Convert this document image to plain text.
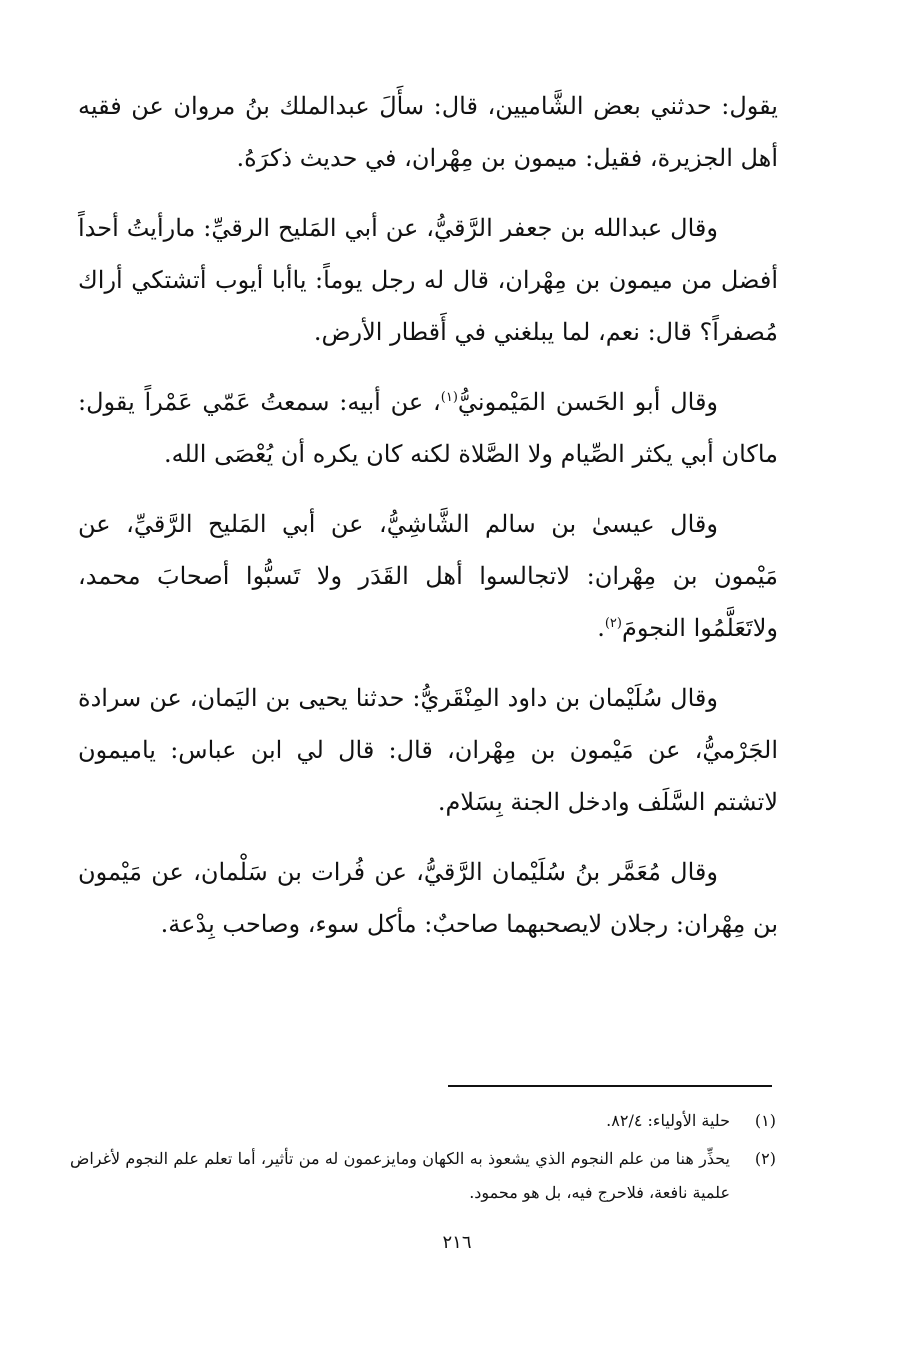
يقول: حدثني بعض الشَّاميين، قال: سأَلَ عبدالملك بنُ مروان عن فقيه أهل الجزيرة، فقيل: ميمون بن مِهْران، في حديث ذكرَهُ.

وقال عبدالله بن جعفر الرَّقيُّ، عن أبي المَليح الرقيِّ: مارأيتُ أحداً أفضل من ميمون بن مِهْران، قال له رجل يوماً: ياأبا أيوب أتشتكي أراك مُصفراً؟ قال: نعم، لما يبلغني في أَقطار الأرض.

وقال أبو الحَسن المَيْمونيُّ$^{(١)}$، عن أبيه: سمعتُ عَمّي عَمْراً يقول: ماكان أبي يكثر الصِّيام ولا الصَّلاة لكنه كان يكره أن يُعْصَى الله.

وقال عيسىٰ بن سالم الشَّاشِيُّ، عن أبي المَليح الرَّقيِّ، عن مَيْمون بن مِهْران: لاتجالسوا أهل القَدَر ولا تَسبُّوا أصحابَ محمد، ولاتَعَلَّمُوا النجومَ$^{(٢)}$.

وقال سُلَيْمان بن داود المِنْقَريُّ: حدثنا يحيى بن اليَمان، عن سرادة الجَرْميُّ، عن مَيْمون بن مِهْران، قال: قال لي ابن عباس: ياميمون لاتشتم السَّلَف وادخل الجنة بِسَلام.

وقال مُعَمَّر بنُ سُلَيْمان الرَّقيُّ، عن فُرات بن سَلْمان، عن مَيْمون بن مِهْران: رجلان لايصحبهما صاحبٌ: مأكل سوء، وصاحب بِدْعة.

(١)
حلية الأولياء: ٨٢/٤.
(٢)
يحذِّر هنا من علم النجوم الذي يشعوذ به الكهان ومايزعمون له من تأثير، أما تعلم علم النجوم لأغراض علمية نافعة، فلاحرج فيه، بل هو محمود.
٢١٦
